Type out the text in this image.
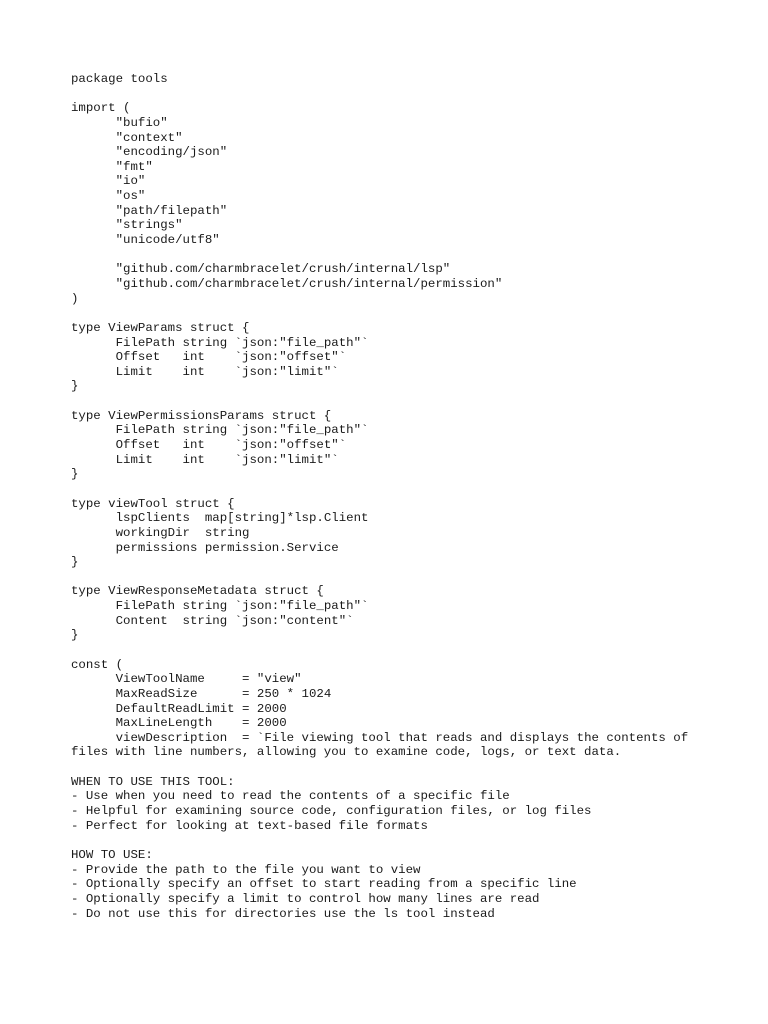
package tools

import (
	"bufio"
	"context"
	"encoding/json"
	"fmt"
	"io"
	"os"
	"path/filepath"
	"strings"
	"unicode/utf8"

	"github.com/charmbracelet/crush/internal/lsp"
	"github.com/charmbracelet/crush/internal/permission"
)

type ViewParams struct {
	FilePath string `json:"file_path"`
	Offset   int    `json:"offset"`
	Limit    int    `json:"limit"`
}

type ViewPermissionsParams struct {
	FilePath string `json:"file_path"`
	Offset   int    `json:"offset"`
	Limit    int    `json:"limit"`
}

type viewTool struct {
	lspClients  map[string]*lsp.Client
	workingDir  string
	permissions permission.Service
}

type ViewResponseMetadata struct {
	FilePath string `json:"file_path"`
	Content  string `json:"content"`
}

const (
	ViewToolName     = "view"
	MaxReadSize      = 250 * 1024
	DefaultReadLimit = 2000
	MaxLineLength    = 2000
	viewDescription  = `File viewing tool that reads and displays the contents of
files with line numbers, allowing you to examine code, logs, or text data.

WHEN TO USE THIS TOOL:
- Use when you need to read the contents of a specific file
- Helpful for examining source code, configuration files, or log files
- Perfect for looking at text-based file formats

HOW TO USE:
- Provide the path to the file you want to view
- Optionally specify an offset to start reading from a specific line
- Optionally specify a limit to control how many lines are read
- Do not use this for directories use the ls tool instead
